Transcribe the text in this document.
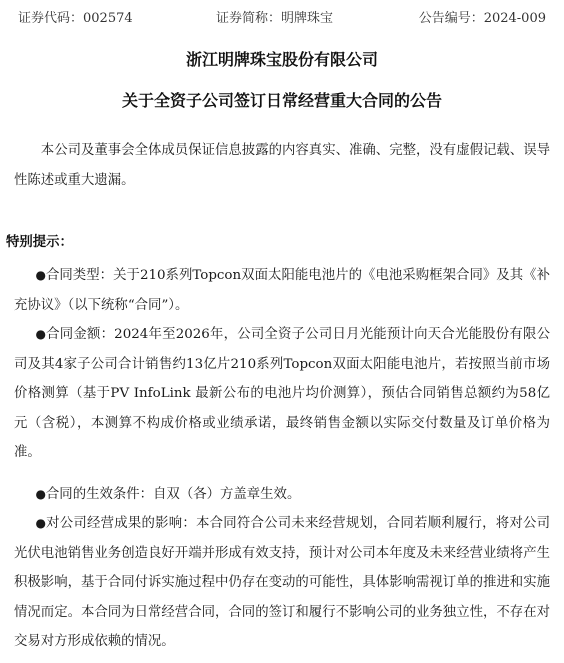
证券代码：002574	证券简称：明牌珠宝	公告编号：2024-009
浙江明牌珠宝股份有限公司
关于全资子公司签订日常经营重大合同的公告
本公司及董事会全体成员保证信息披露的内容真实、准确、完整，没有虚假记载、误导性陈述或重大遗漏。
特别提示：
●合同类型：关于210系列Topcon双面太阳能电池片的《电池采购框架合同》及其《补充协议》（以下统称“合同”）。
●合同金额：2024年至2026年，公司全资子公司日月光能预计向天合光能股份有限公司及其4家子公司合计销售约13亿片210系列Topcon双面太阳能电池片，若按照当前市场价格测算（基于PV InfoLink 最新公布的电池片均价测算），预估合同销售总额约为58亿元（含税），本测算不构成价格或业绩承诺，最终销售金额以实际交付数量及订单价格为准。
●合同的生效条件：自双（各）方盖章生效。
●对公司经营成果的影响：本合同符合公司未来经营规划，合同若顺利履行，将对公司光伏电池销售业务创造良好开端并形成有效支持，预计对公司本年度及未来经营业绩将产生积极影响，基于合同付诉实施过程中仍存在变动的可能性，具体影响需视订单的推进和实施情况而定。本合同为日常经营合同，合同的签订和履行不影响公司的业务独立性，不存在对交易对方形成依赖的情况。
